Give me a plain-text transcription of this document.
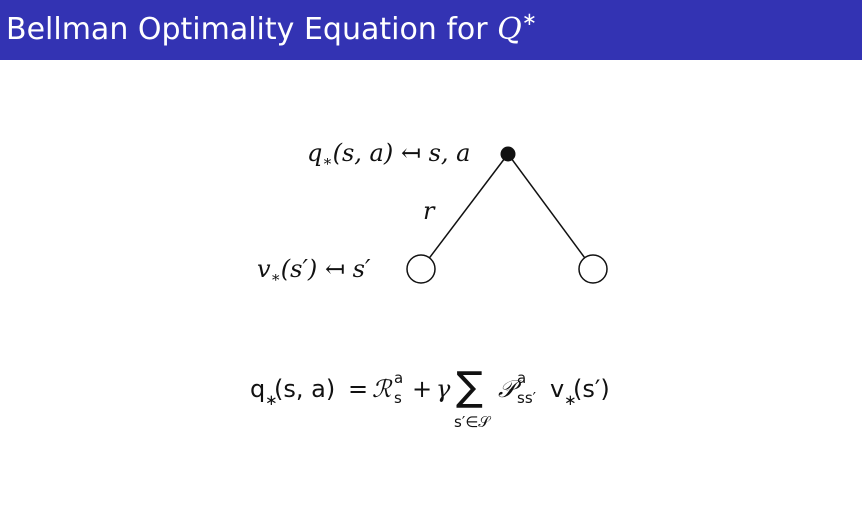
Bellman Optimality Equation for Q∗
$q_∗(s$, a) ↤ s, a
r
$v_∗(s')$ ↤ s′
q ∗
(s, a) = ℛ a
s + γ ∑
s′∈𝒮
𝒫 a
ss′ v ∗
(s′)
